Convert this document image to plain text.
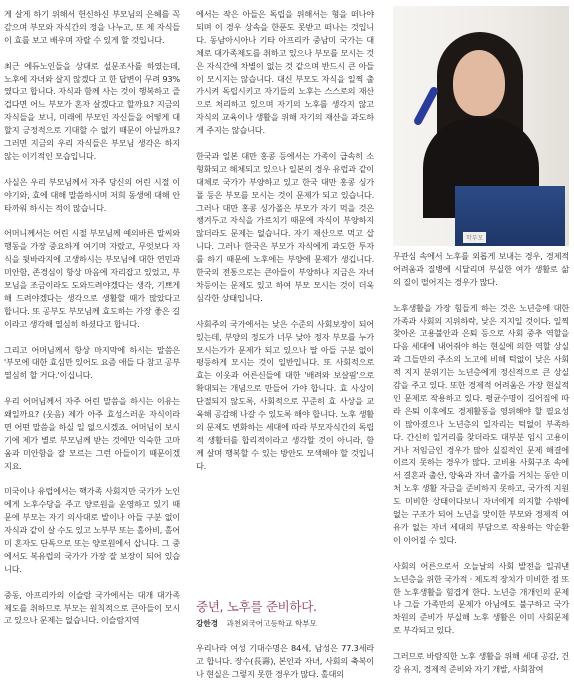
게 살게 하기 위해서 헌신하신 부모님의 은혜를 꼭 갚으며 부모와 자식간의 정을 나누고, 또 제 자식들이 효를 보고 배우며 자랄 수 있게 할 것입니다.

최근 에듀노인들을 상대로 설문조사를 하였는데, 노후에 자녀와 살지 않겠다 고 한 답변이 무려 93% 였다고 합니다. 자식과 함께 사는 것이 행복하고 즐겁다면 어느 부모가 혼자 살겠다고 할까요? 지금의 자식들을 보니, 미래에 부모인 자신들을 어떻게 대할지 긍정적으로 기대할 수 없기 때문이 아닐까요? 그러면 지금의 우리 자식들은 부모님 생각은 하지 않는 이기적인 모습입니다.

사실은 우리 부모님께서 자주 당신의 어린 시절 이야기와, 효에 대해 말씀하시며 저희 동생에 대해 안타까워 하시는 적이 많습니다.

어머니께서는 어린 시절 부모님께 예의바른 말씨와 행동을 가장 중요하게 여기며 자랐고, 무엇보다 자식을 뒷바라지에 고생하시는 부모님에 대한 연민과 미안함, 존경심이 항상 마음에 자리잡고 있었고, 부모님을 조금이라도 도와드려야겠다는 생각, 기쁘게 해 드려야겠다는 생각으로 생활할 때가 많았다고 합니다. 또 공부도 부모님께 효도하는 가장 좋은 길이라고 생각해 열심히 하셨다고 합니다.

그리고 어머님께서 항상 마지막에 하시는 말씀은 '부모에 대한 효심만 있어도 요즘 애들 다 참고 공부 열심히 할 거다.'이십니다.

우리 어머님께서 자주 어린 말씀을 하시는 이유는 왜일까요? (웃음) 제가 아주 효성스러운 자식이라면 어떤 말씀을 하실 일 없으시겠죠. 어머님이 보시기에 제가 별로 부모님께 받는 것에만 익숙한 고마움과 미안함을 잘 모르는 그런 아들이기 때문이겠지요.

미국이나 유럽에서는 핵가족 사회지만 국가가 노인에게 노후수당을 주고 양로원을 운영하고 있기 때문에 부모는 자기 의사대로 발이나 아들 구분 없이 자식과 같이 살 수도 있고 노부부 또는 홀아비, 홀어미 혼자도 단독으로 또는 양로원에서 삽니다. 그 중에서도 복유럽의 국가가 가장 잘 보장이 되어 있습니다.

중동, 아프리카의 이슬람 국가에서는 대개 대가족 제도를 취하므로 부모는 원칙적으로 큰아들이 모시고 있으나 문제는 없습니다. 이슬람지역

에서는 작은 아들은 독립을 위해서는 형을 떠나야 되며 이 경우 상속을 한푼도 못받고 떠나는 것입니다. 동남아시아나 기타 아프리카 중남미 국가는 대체로 대가족제도를 취하고 있으나 부모를 모시는 것은 자식간에 차별이 없는 것 같으며 반드시 큰 아들이 모시지는 않습니다. 대신 부모도 자식을 일찍 출가시켜 독립시키고 자기들의 노후는 스스로의 재산으로 처리하고 있으며 자기의 노후를 생각지 않고 자식의 교육이나 생활을 위해 자기의 재산을 과도하게 주지는 않습니다.

한국과 일본 대만 홍콩 등에서는 가족이 급속히 소형화되고 해체되고 있으나 일본의 경우 유럽과 같이 대체로 국가가 부양하고 있고 한국 대만 홍콩 싱가폴 등은 부모를 모시는 것이 문제가 되고 있습니다. 그러나 대만 홍콩 싱가폴은 부모가 자기 먹을 것은 챙겨두고 자식을 가르치기 때문에 자식이 부양하지 않더라도 문제는 없습니다. 자기 재산으로 먹고 삽니다. 그러나 한국은 부모가 자식에게 과도한 투자를 하기 때문에 노후에는 부양에 문제가 생깁니다. 한국의 전통으로는 큰아들이 부양하나 지금은 자녀 차등이는 문제도 있고 하여 부모 모시는 것이 더욱 심각한 상태입니다.

사회주의 국가에서는 낮은 수준의 사회보장이 되어 있는데, 부양의 정도가 너무 낮아 정자 부모를 누가 모시는가가 문제가 되고 있으나 딸 아들 구분 없이 평등하게 모시는 것이 일반입니다. 또 사회적으로 효는 이웃과 어른신들에 대한 '배려와 보살핌'으로 확대되는 개념으로 만들어 가야 합니다. 효 사상이 단절되지 않도록, 사회적으로 꾸준히 효 사상을 교육해 공감해 나갈 수 있도록 해야 합니다. 노후 생활의 문제도 변화하는 세대에 따라 부모자식간의 독립적 생활터를 합리적이라고 생각할 것이 아니라, 함께 살며 행복할 수 있는 방안도 모색해야 할 것입니다.

중년, 노후를 준비하다.
강한경 과천외국어고등학교 학부모
우리나라 여성 기대수명은 84세, 남성은 77.3세라고 합니다. 장수(長壽), 본인과 자녀, 사회의 축복이나 현실은 그렇지 못한 경우가 많다. 홀대의
학부모

무관심 속에서 노후를 외롭게 보내는 경우, 경제적 어려움과 질병에 시달리며 부실한 여가 생활로 삶의 질이 떨어지는 경우가 많다.

노후생활을 가장 힘들게 하는 것은 노년층에 대한 가족과 사회의 지위하락, 낮은 지지일 것이다. 일찍 찾아온 고용불안과 은퇴 등으로 사회 중추 역할을 다음 세대에 내어줘야 하는 현실에 의한 역할 상실과 그들만의 주소의 노고에 비해 턱없이 낮은 사회적 지지 분위기는 노년층에게 정신적으로 큰 상실감을 주고 있다. 또한 경제적 어려움은 가장 현실적인 문제로 작용하고 있다. 평균수명이 길어짐에 따라 은퇴 이후에도 경제활동을 영위해야 할 필요성이 많아졌으나 노년층의 일자리는 턱없이 부족하다. 간신히 일거리를 찾더라도 대부분 임시 고용이거나 저임금인 경우가 많아 실질적인 문제 해결에 이르지 못하는 경우가 많다. 고비용 사회구조 속에서 결혼과 출산, 양육과 자녀 출가를 거치는 동안 미처 노후 생활 자금을 준비하지 못하고, 국가적 지원도 미비한 상태이다보니 자녀에게 의지할 수밖에 없는 구조가 되어 노년을 맞이한 부모와 경제적 여유가 없는 자녀 세대의 부담으로 작용하는 악순환이 이어질 수 있다.

사회의 어른으로서 오늘날의 사회 발전을 일궈낸 노년층을 위한 국가적 · 제도적 장치가 미비한 점 또한 노후생활을 힘겹게 한다. 노년층 개개인의 문제나 그들 가족만의 문제가 아님에도 불구하고 국가 차원의 준비가 부실해 노후 생활은 이미 사회문제로 부각되고 있다.

그러므로 바람직한 노후 생활을 위해 세대 공감, 건강 유지, 경제적 준비와 자기 개발, 사회참여
